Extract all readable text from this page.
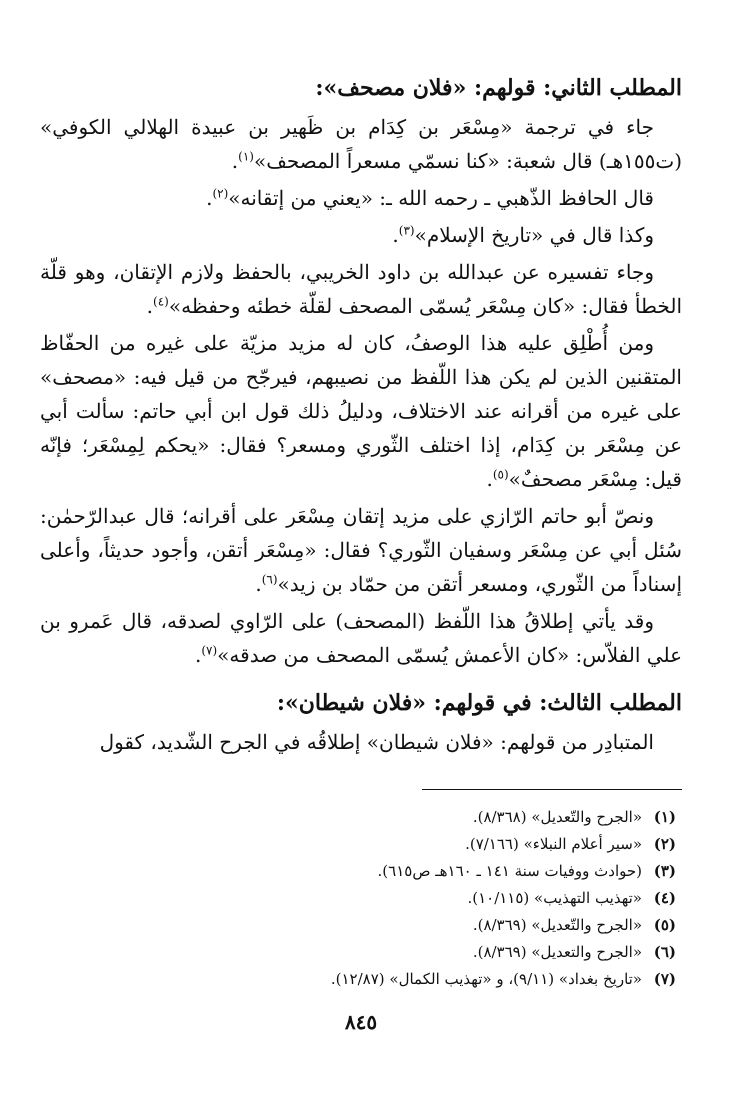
المطلب الثاني: قولهم: «فلان مصحف»:

جاء في ترجمة «مِسْعَر بن كِدَام بن ظَهير بن عبيدة الهلالي الكوفي» (ت١٥٥هـ) قال شعبة: «كنا نسمّي مسعراً المصحف»$^{(١)}$.

قال الحافظ الذّهبي ـ رحمه الله ـ: «يعني من إتقانه»$^{(٢)}$.

وكذا قال في «تاريخ الإسلام»$^{(٣)}$.

وجاء تفسيره عن عبدالله بن داود الخريبي، بالحفظ ولازم الإتقان، وهو قلّة الخطأ فقال: «كان مِسْعَر يُسمّى المصحف لقلّة خطئه وحفظه»$^{(٤)}$.

ومن أُطْلِق عليه هذا الوصفُ، كان له مزيد مزيّة على غيره من الحفّاظ المتقنين الذين لم يكن هذا اللّفظ من نصيبهم، فيرجّح من قيل فيه: «مصحف» على غيره من أقرانه عند الاختلاف، ودليلُ ذلك قول ابن أبي حاتم: سألت أبي عن مِسْعَر بن كِدَام، إذا اختلف الثّوري ومسعر؟ فقال: «يحكم لِمِسْعَر؛ فإنّه قيل: مِسْعَر مصحفٌ»$^{(٥)}$.

ونصّ أبو حاتم الرّازي على مزيد إتقان مِسْعَر على أقرانه؛ قال عبدالرّحمٰن: سُئل أبي عن مِسْعَر وسفيان الثّوري؟ فقال: «مِسْعَر أتقن، وأجود حديثاً، وأعلى إسناداً من الثّوري، ومسعر أتقن من حمّاد بن زيد»$^{(٦)}$.

وقد يأتي إطلاقُ هذا اللّفظ (المصحف) على الرّاوي لصدقه، قال عَمرو بن علي الفلاّس: «كان الأعمش يُسمّى المصحف من صدقه»$^{(٧)}$.

المطلب الثالث: في قولهم: «فلان شيطان»:

المتبادِر من قولهم: «فلان شيطان» إطلاقُه في الجرح الشّديد، كقول

(١)«الجرح والتّعديل» (٨/٣٦٨).
(٢)«سير أعلام النبلاء» (٧/١٦٦).
(٣)(حوادث ووفيات سنة ١٤١ ـ ١٦٠هـ ص٦١٥).
(٤)«تهذيب التهذيب» (١٠/١١٥).
(٥)«الجرح والتّعديل» (٨/٣٦٩).
(٦)«الجرح والتعديل» (٨/٣٦٩).
(٧)«تاريخ بغداد» (٩/١١)، و «تهذيب الكمال» (١٢/٨٧).
٨٤٥
